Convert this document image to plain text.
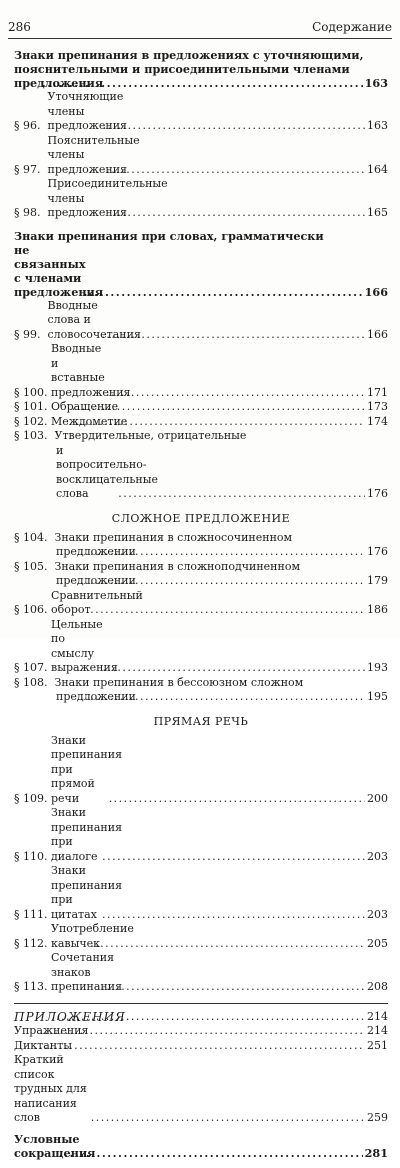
286	Содержание
Знаки препинания в предложениях с уточняющими,
пояснительными и присоединительными членами
предложения .....	163
§ 96.

Уточняющие члены предложения .....	163
§ 97.

Пояснительные члены предложения .....	164
§ 98.

Присоединительные члены предложения .....	165
Знаки препинания при словах, грамматически
не связанных с членами предложения .....	166
§ 99.

Вводные слова и словосочетания .....	166
§ 100.

Вводные и вставные предложения .....	171
§ 101.
Обращение .....	173
§ 102.
Междометие .....	174
§ 103. Утвердительные, отрицательные
и вопросительно-восклицательные слова .....	176
СЛОЖНОЕ ПРЕДЛОЖЕНИЕ
§ 104. Знаки препинания в сложносочиненном
предложении .....	176
§ 105. Знаки препинания в сложноподчиненном
предложении .....	179
§ 106.

Сравнительный оборот .....	186
§ 107.

Цельные по смыслу выражения .....	193
§ 108. Знаки препинания в бессоюзном сложном
предложении .....	195
ПРЯМАЯ РЕЧЬ
§ 109.

Знаки препинания при прямой речи .....	200
§ 110.

Знаки препинания при диалоге .....	203
§ 111.

Знаки препинания при цитатах .....	203
§ 112.

Употребление кавычек .....	205
§ 113.

Сочетания знаков препинания .....	208
ПРИЛОЖЕНИЯ .....	214
Упражнения .....	214
Диктанты .....	251
Краткий список трудных для написания слов .....	259
Условные сокращения .....	281
